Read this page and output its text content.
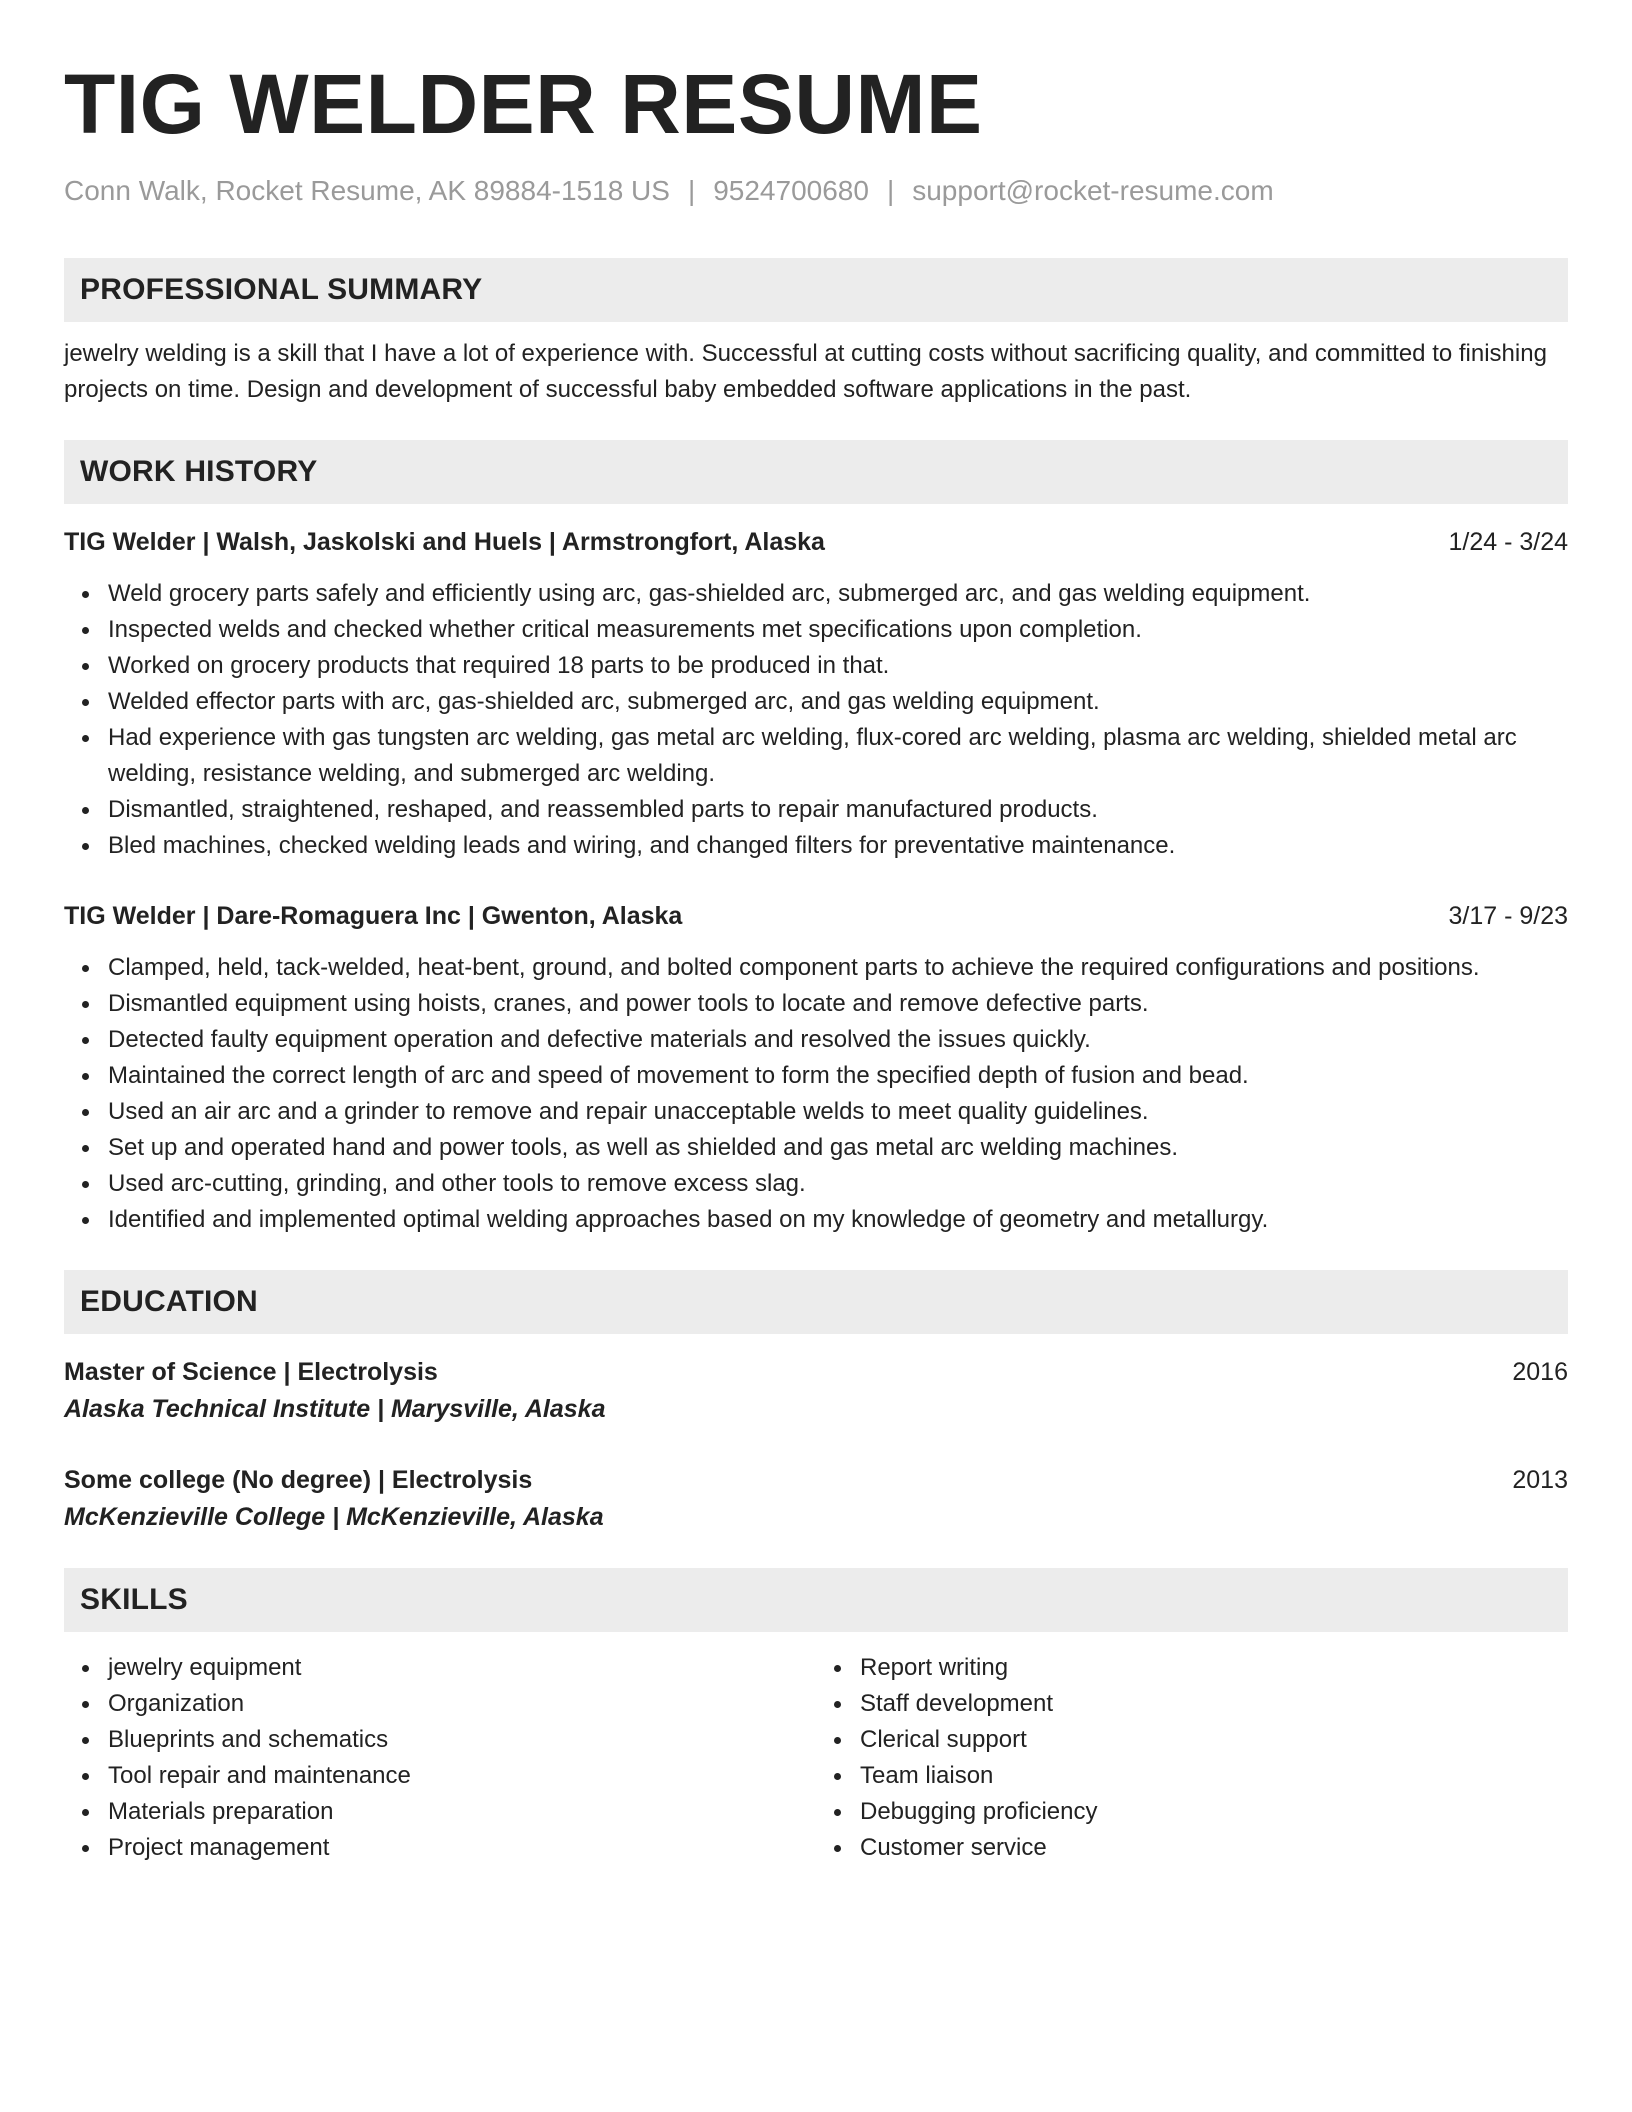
TIG WELDER RESUME
Conn Walk, Rocket Resume, AK 89884-1518 US | 9524700680 | support@rocket-resume.com
PROFESSIONAL SUMMARY
jewelry welding is a skill that I have a lot of experience with. Successful at cutting costs without sacrificing quality, and committed to finishing projects on time. Design and development of successful baby embedded software applications in the past.
WORK HISTORY
TIG Welder | Walsh, Jaskolski and Huels | Armstrongfort, Alaska	1/24 - 3/24
Weld grocery parts safely and efficiently using arc, gas-shielded arc, submerged arc, and gas welding equipment.
Inspected welds and checked whether critical measurements met specifications upon completion.
Worked on grocery products that required 18 parts to be produced in that.
Welded effector parts with arc, gas-shielded arc, submerged arc, and gas welding equipment.
Had experience with gas tungsten arc welding, gas metal arc welding, flux-cored arc welding, plasma arc welding, shielded metal arc welding, resistance welding, and submerged arc welding.
Dismantled, straightened, reshaped, and reassembled parts to repair manufactured products.
Bled machines, checked welding leads and wiring, and changed filters for preventative maintenance.
TIG Welder | Dare-Romaguera Inc | Gwenton, Alaska	3/17 - 9/23
Clamped, held, tack-welded, heat-bent, ground, and bolted component parts to achieve the required configurations and positions.
Dismantled equipment using hoists, cranes, and power tools to locate and remove defective parts.
Detected faulty equipment operation and defective materials and resolved the issues quickly.
Maintained the correct length of arc and speed of movement to form the specified depth of fusion and bead.
Used an air arc and a grinder to remove and repair unacceptable welds to meet quality guidelines.
Set up and operated hand and power tools, as well as shielded and gas metal arc welding machines.
Used arc-cutting, grinding, and other tools to remove excess slag.
Identified and implemented optimal welding approaches based on my knowledge of geometry and metallurgy.
EDUCATION
Master of Science | Electrolysis	2016
Alaska Technical Institute | Marysville, Alaska
Some college (No degree) | Electrolysis	2013
McKenzieville College | McKenzieville, Alaska
SKILLS
jewelry equipment
Organization
Blueprints and schematics
Tool repair and maintenance
Materials preparation
Project management
Report writing
Staff development
Clerical support
Team liaison
Debugging proficiency
Customer service
